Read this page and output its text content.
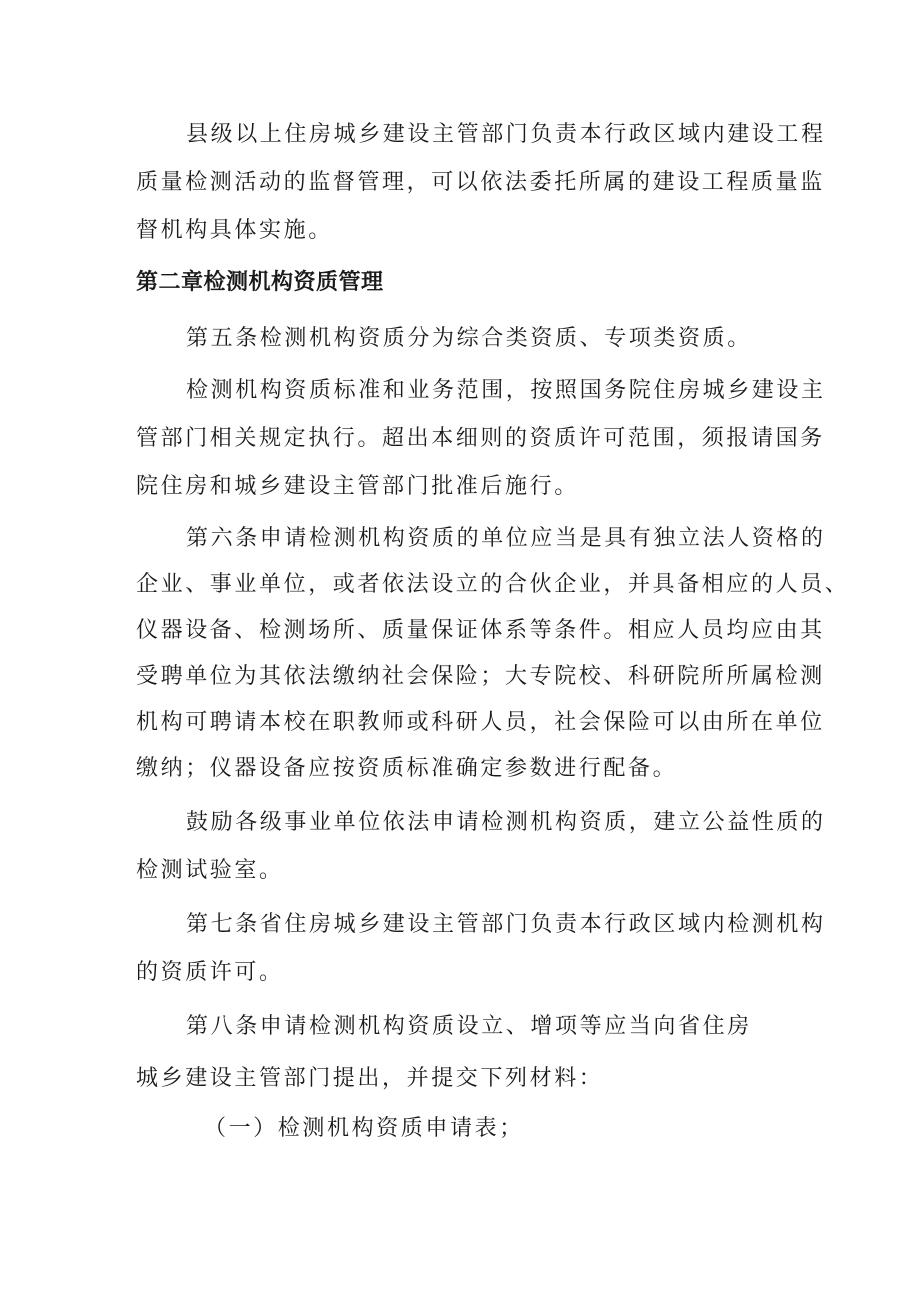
县级以上住房城乡建设主管部门负责本行政区域内建设工程
质量检测活动的监督管理，可以依法委托所属的建设工程质量监
督机构具体实施。
第二章检测机构资质管理
第五条检测机构资质分为综合类资质、专项类资质。
检测机构资质标准和业务范围，按照国务院住房城乡建设主
管部门相关规定执行。超出本细则的资质许可范围，须报请国务
院住房和城乡建设主管部门批准后施行。
第六条申请检测机构资质的单位应当是具有独立法人资格的
企业、事业单位，或者依法设立的合伙企业，并具备相应的人员、
仪器设备、检测场所、质量保证体系等条件。相应人员均应由其
受聘单位为其依法缴纳社会保险；大专院校、科研院所所属检测
机构可聘请本校在职教师或科研人员，社会保险可以由所在单位
缴纳；仪器设备应按资质标准确定参数进行配备。
鼓励各级事业单位依法申请检测机构资质，建立公益性质的
检测试验室。
第七条省住房城乡建设主管部门负责本行政区域内检测机构
的资质许可。
第八条申请检测机构资质设立、增项等应当向省住房
城乡建设主管部门提出，并提交下列材料：
（一）检测机构资质申请表；
